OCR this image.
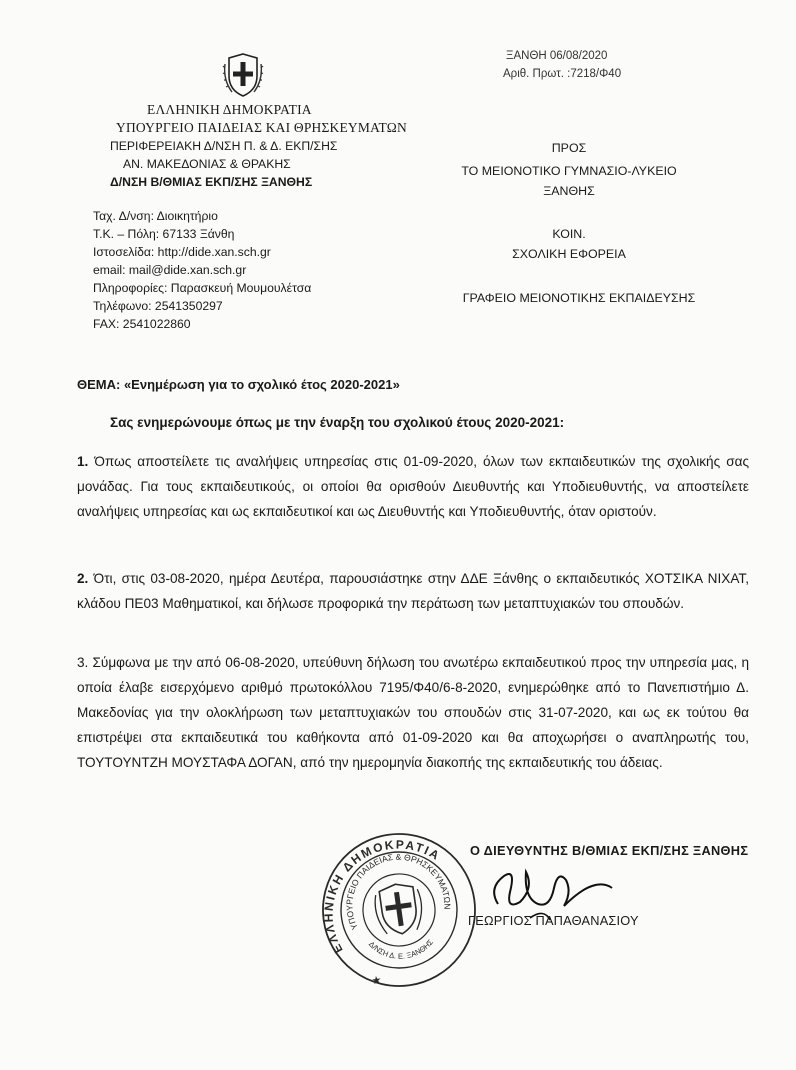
ΕΛΛΗΝΙΚΗ ΔΗΜΟΚΡΑΤΙΑ
ΥΠΟΥΡΓΕΙΟ ΠΑΙΔΕΙΑΣ ΚΑΙ ΘΡΗΣΚΕΥΜΑΤΩΝ
ΠΕΡΙΦΕΡΕΙΑΚΗ Δ/ΝΣΗ Π. & Δ. ΕΚΠ/ΣΗΣ
ΑΝ. ΜΑΚΕΔΟΝΙΑΣ & ΘΡΑΚΗΣ
Δ/ΝΣΗ Β/ΘΜΙΑΣ ΕΚΠ/ΣΗΣ ΞΑΝΘΗΣ
Ταχ. Δ/νση: Διοικητήριο
Τ.Κ. – Πόλη: 67133 Ξάνθη
Ιστοσελίδα: http://dide.xan.sch.gr
email: mail@dide.xan.sch.gr
Πληροφορίες: Παρασκευή Μουμουλέτσα
Τηλέφωνο: 2541350297
FAX: 2541022860
ΞΑΝΘΗ 06/08/2020
Αριθ. Πρωτ. :7218/Φ40
ΠΡΟΣ
ΤΟ ΜΕΙΟΝΟΤΙΚΟ ΓΥΜΝΑΣΙΟ-ΛΥΚΕΙΟ
ΞΑΝΘΗΣ
ΚΟΙΝ.
ΣΧΟΛΙΚΗ ΕΦΟΡΕΙΑ
ΓΡΑΦΕΙΟ ΜΕΙΟΝΟΤΙΚΗΣ ΕΚΠΑΙΔΕΥΣΗΣ
ΘΕΜΑ: «Ενημέρωση για το σχολικό έτος 2020-2021»
Σας ενημερώνουμε όπως με την έναρξη του σχολικού έτους 2020-2021:
1. Όπως αποστείλετε τις αναλήψεις υπηρεσίας στις 01-09-2020, όλων των εκπαιδευτικών της σχολικής σας μονάδας. Για τους εκπαιδευτικούς, οι οποίοι θα ορισθούν Διευθυντής και Υποδιευθυντής, να αποστείλετε αναλήψεις υπηρεσίας και ως εκπαιδευτικοί και ως Διευθυντής και Υποδιευθυντής, όταν οριστούν.
2. Ότι, στις 03-08-2020, ημέρα Δευτέρα, παρουσιάστηκε στην ΔΔΕ Ξάνθης ο εκπαιδευτικός ΧΟΤΣΙΚΑ ΝΙΧΑΤ, κλάδου ΠΕ03 Μαθηματικοί, και δήλωσε προφορικά την περάτωση των μεταπτυχιακών του σπουδών.
3. Σύμφωνα με την από 06-08-2020, υπεύθυνη δήλωση του ανωτέρω εκπαιδευτικού προς την υπηρεσία μας, η οποία έλαβε εισερχόμενο αριθμό πρωτοκόλλου 7195/Φ40/6-8-2020, ενημερώθηκε από το Πανεπιστήμιο Δ. Μακεδονίας για την ολοκλήρωση των μεταπτυχιακών του σπουδών στις 31-07-2020, και ως εκ τούτου θα επιστρέψει στα εκπαιδευτικά του καθήκοντα από 01-09-2020 και θα αποχωρήσει ο αναπληρωτής του, ΤΟΥΤΟΥΝΤΖΗ ΜΟΥΣΤΑΦΑ ΔΟΓΑΝ, από την ημερομηνία διακοπής της εκπαιδευτικής του άδειας.
ΕΛΛΗΝΙΚΗ ΔΗΜΟΚΡΑΤΙΑ
ΥΠΟΥΡΓΕΙΟ ΠΑΙΔΕΙΑΣ & ΘΡΗΣΚΕΥΜΑΤΩΝ
Δ/ΝΣΗ Δ. Ε. ΞΑΝΘΗΣ
★
Ο ΔΙΕΥΘΥΝΤΗΣ Β/ΘΜΙΑΣ ΕΚΠ/ΣΗΣ ΞΑΝΘΗΣ
ΓΕΩΡΓΙΟΣ ΠΑΠΑΘΑΝΑΣΙΟΥ
